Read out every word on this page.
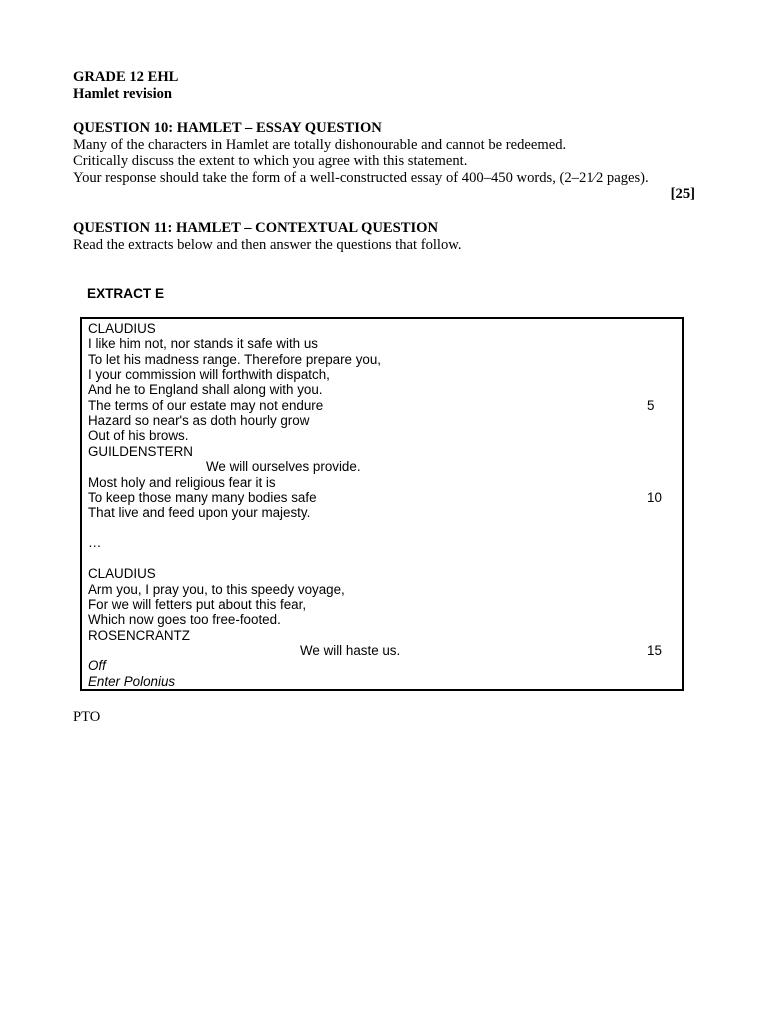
GRADE 12 EHL
Hamlet revision
QUESTION 10: HAMLET – ESSAY QUESTION
Many of the characters in Hamlet are totally dishonourable and cannot be redeemed.
Critically discuss the extent to which you agree with this statement.
Your response should take the form of a well-constructed essay of 400–450 words, (2–21⁄2 pages).
[25]
QUESTION 11: HAMLET – CONTEXTUAL QUESTION
Read the extracts below and then answer the questions that follow.
EXTRACT E
CLAUDIUS
I like him not, nor stands it safe with us
To let his madness range. Therefore prepare you,
I your commission will forthwith dispatch,
And he to England shall along with you.
The terms of our estate may not endure	5
Hazard so near's as doth hourly grow
Out of his brows.
GUILDENSTERN
We will ourselves provide.
Most holy and religious fear it is
To keep those many many bodies safe	10
That live and feed upon your majesty.
…
CLAUDIUS
Arm you, I pray you, to this speedy voyage,
For we will fetters put about this fear,
Which now goes too free-footed.
ROSENCRANTZ
We will haste us.	15
Off
Enter Polonius
PTO
